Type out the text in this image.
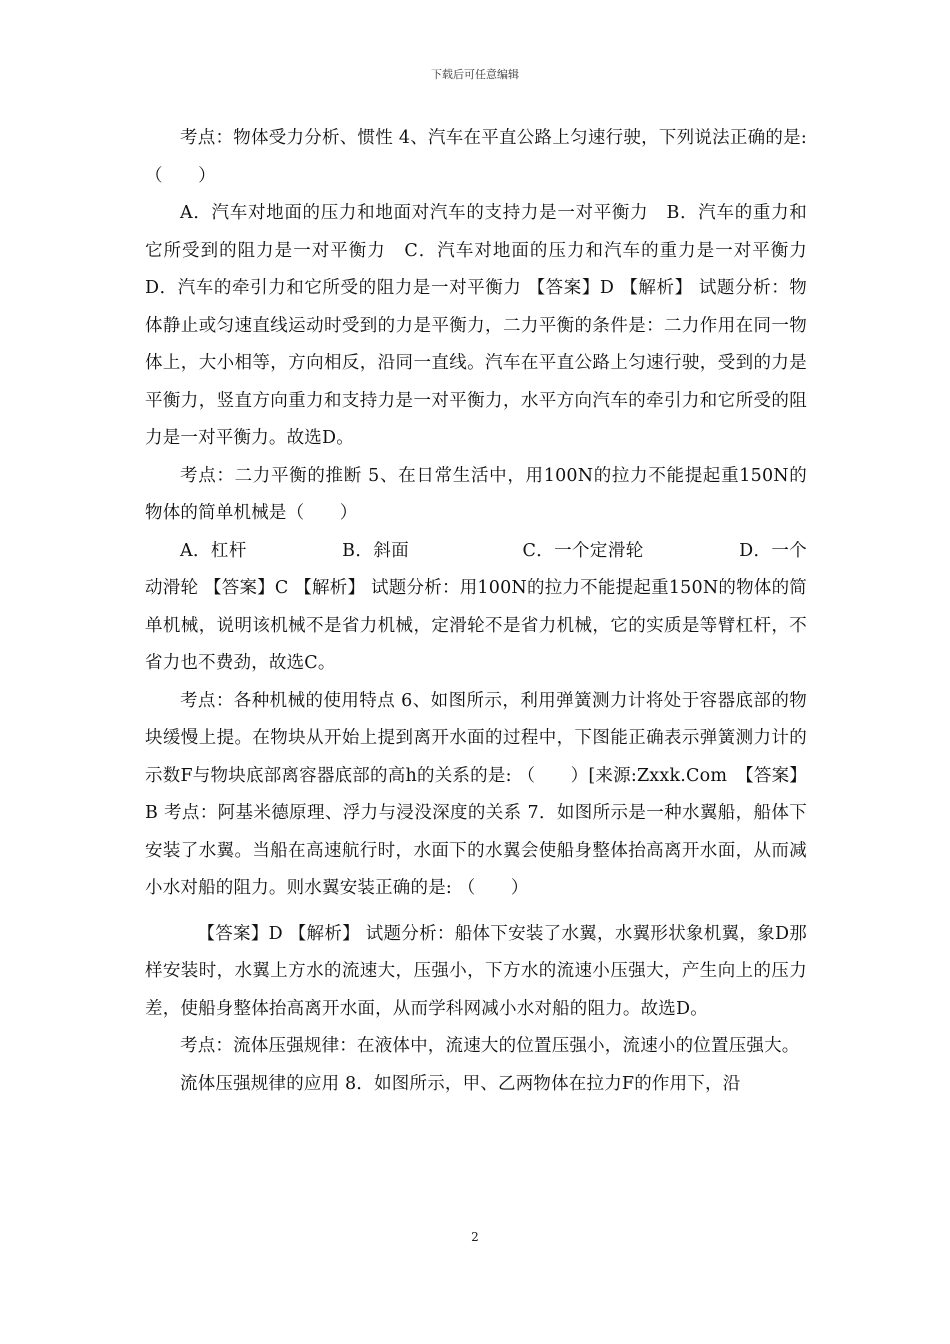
下载后可任意编辑

考点：物体受力分析、惯性 4、汽车在平直公路上匀速行驶，下列说法正确的是: （　　）

A．汽车对地面的压力和地面对汽车的支持力是一对平衡力　B．汽车的重力和它所受到的阻力是一对平衡力　C．汽车对地面的压力和汽车的重力是一对平衡力　D．汽车的牵引力和它所受的阻力是一对平衡力 【答案】D 【解析】 试题分析：物体静止或匀速直线运动时受到的力是平衡力，二力平衡的条件是：二力作用在同一物体上，大小相等，方向相反，沿同一直线。汽车在平直公路上匀速行驶，受到的力是平衡力，竖直方向重力和支持力是一对平衡力，水平方向汽车的牵引力和它所受的阻力是一对平衡力。故选D。

考点：二力平衡的推断 5、在日常生活中，用100N的拉力不能提起重150N的物体的简单机械是（　　）

A．杠杆　　　　　 B．斜面　　　　　　 C．一个定滑轮　　　　　 D．一个动滑轮 【答案】C 【解析】 试题分析：用100N的拉力不能提起重150N的物体的简单机械，说明该机械不是省力机械，定滑轮不是省力机械，它的实质是等臂杠杆，不省力也不费劲，故选C。

考点：各种机械的使用特点 6、如图所示，利用弹簧测力计将处于容器底部的物块缓慢上提。在物块从开始上提到离开水面的过程中，下图能正确表示弹簧测力计的示数F与物块底部离容器底部的高h的关系的是: （　　）[来源:Zxxk.Com　【答案】B 考点：阿基米德原理、浮力与浸没深度的关系 7．如图所示是一种水翼船，船体下安装了水翼。当船在高速航行时，水面下的水翼会使船身整体抬高离开水面，从而减小水对船的阻力。则水翼安装正确的是: （　　）

【答案】D 【解析】 试题分析：船体下安装了水翼，水翼形状象机翼，象D那样安装时，水翼上方水的流速大，压强小，下方水的流速小压强大，产生向上的压力差，使船身整体抬高离开水面，从而学科网减小水对船的阻力。故选D。

考点：流体压强规律：在液体中，流速大的位置压强小，流速小的位置压强大。

流体压强规律的应用 8．如图所示，甲、乙两物体在拉力F的作用下，沿

2
